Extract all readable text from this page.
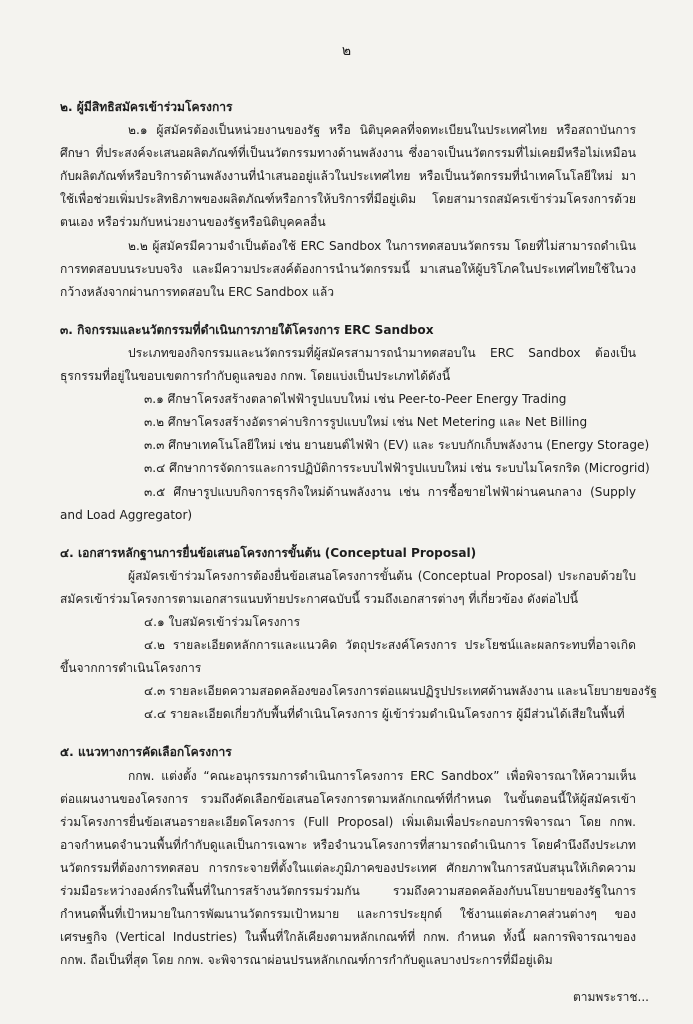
๒

๒. ผู้มีสิทธิสมัครเข้าร่วมโครงการ

๒.๑ ผู้สมัครต้องเป็นหน่วยงานของรัฐ หรือ นิติบุคคลที่จดทะเบียนในประเทศไทย หรือสถาบันการศึกษา ที่ประสงค์จะเสนอผลิตภัณฑ์ที่เป็นนวัตกรรมทางด้านพลังงาน ซึ่งอาจเป็นนวัตกรรมที่ไม่เคยมีหรือไม่เหมือนกับผลิตภัณฑ์หรือบริการด้านพลังงานที่นำเสนออยู่แล้วในประเทศไทย หรือเป็นนวัตกรรมที่นำเทคโนโลยีใหม่ มาใช้เพื่อช่วยเพิ่มประสิทธิภาพของผลิตภัณฑ์หรือการให้บริการที่มีอยู่เดิม โดยสามารถสมัครเข้าร่วมโครงการด้วยตนเอง หรือร่วมกับหน่วยงานของรัฐหรือนิติบุคคลอื่น

๒.๒ ผู้สมัครมีความจำเป็นต้องใช้ ERC Sandbox ในการทดสอบนวัตกรรม โดยที่ไม่สามารถดำเนิน การทดสอบบนระบบจริง และมีความประสงค์ต้องการนำนวัตกรรมนี้ มาเสนอให้ผู้บริโภคในประเทศไทยใช้ในวงกว้างหลังจากผ่านการทดสอบใน ERC Sandbox แล้ว

๓. กิจกรรมและนวัตกรรมที่ดำเนินการภายใต้โครงการ ERC Sandbox

ประเภทของกิจกรรมและนวัตกรรมที่ผู้สมัครสามารถนำมาทดสอบใน ERC Sandbox ต้องเป็นธุรกรรมที่อยู่ในขอบเขตการกำกับดูแลของ กกพ. โดยแบ่งเป็นประเภทได้ดังนี้

๓.๑ ศึกษาโครงสร้างตลาดไฟฟ้ารูปแบบใหม่ เช่น Peer-to-Peer Energy Trading

๓.๒ ศึกษาโครงสร้างอัตราค่าบริการรูปแบบใหม่ เช่น Net Metering และ Net Billing

๓.๓ ศึกษาเทคโนโลยีใหม่ เช่น ยานยนต์ไฟฟ้า (EV) และ ระบบกักเก็บพลังงาน (Energy Storage)

๓.๔ ศึกษาการจัดการและการปฏิบัติการระบบไฟฟ้ารูปแบบใหม่ เช่น ระบบไมโครกริด (Microgrid)

๓.๕ ศึกษารูปแบบกิจการธุรกิจใหม่ด้านพลังงาน เช่น การซื้อขายไฟฟ้าผ่านคนกลาง (Supply and Load Aggregator)

๔. เอกสารหลักฐานการยื่นข้อเสนอโครงการขั้นต้น (Conceptual Proposal)

ผู้สมัครเข้าร่วมโครงการต้องยื่นข้อเสนอโครงการขั้นต้น (Conceptual Proposal) ประกอบด้วยใบสมัครเข้าร่วมโครงการตามเอกสารแนบท้ายประกาศฉบับนี้ รวมถึงเอกสารต่างๆ ที่เกี่ยวข้อง ดังต่อไปนี้

๔.๑ ใบสมัครเข้าร่วมโครงการ

๔.๒ รายละเอียดหลักการและแนวคิด วัตถุประสงค์โครงการ ประโยชน์และผลกระทบที่อาจเกิดขึ้นจากการดำเนินโครงการ

๔.๓ รายละเอียดความสอดคล้องของโครงการต่อแผนปฏิรูปประเทศด้านพลังงาน และนโยบายของรัฐ

๔.๔ รายละเอียดเกี่ยวกับพื้นที่ดำเนินโครงการ ผู้เข้าร่วมดำเนินโครงการ ผู้มีส่วนได้เสียในพื้นที่

๕. แนวทางการคัดเลือกโครงการ

กกพ. แต่งตั้ง “คณะอนุกรรมการดำเนินการโครงการ ERC Sandbox” เพื่อพิจารณาให้ความเห็นต่อแผนงานของโครงการ รวมถึงคัดเลือกข้อเสนอโครงการตามหลักเกณฑ์ที่กำหนด ในขั้นตอนนี้ให้ผู้สมัครเข้าร่วมโครงการยื่นข้อเสนอรายละเอียดโครงการ (Full Proposal) เพิ่มเติมเพื่อประกอบการพิจารณา โดย กกพ. อาจกำหนดจำนวนพื้นที่กำกับดูแลเป็นการเฉพาะ หรือจำนวนโครงการที่สามารถดำเนินการ โดยคำนึงถึงประเภทนวัตกรรมที่ต้องการทดสอบ การกระจายที่ตั้งในแต่ละภูมิภาคของประเทศ ศักยภาพในการสนับสนุนให้เกิดความร่วมมือระหว่างองค์กรในพื้นที่ในการสร้างนวัตกรรมร่วมกัน รวมถึงความสอดคล้องกับนโยบายของรัฐในการกำหนดพื้นที่เป้าหมายในการพัฒนานวัตกรรมเป้าหมาย และการประยุกต์ ใช้งานแต่ละภาคส่วนต่างๆ ของเศรษฐกิจ (Vertical Industries) ในพื้นที่ใกล้เคียงตามหลักเกณฑ์ที่ กกพ. กำหนด ทั้งนี้ ผลการพิจารณาของ กกพ. ถือเป็นที่สุด โดย กกพ. จะพิจารณาผ่อนปรนหลักเกณฑ์การกำกับดูแลบางประการที่มีอยู่เดิม

ตามพระราช...
